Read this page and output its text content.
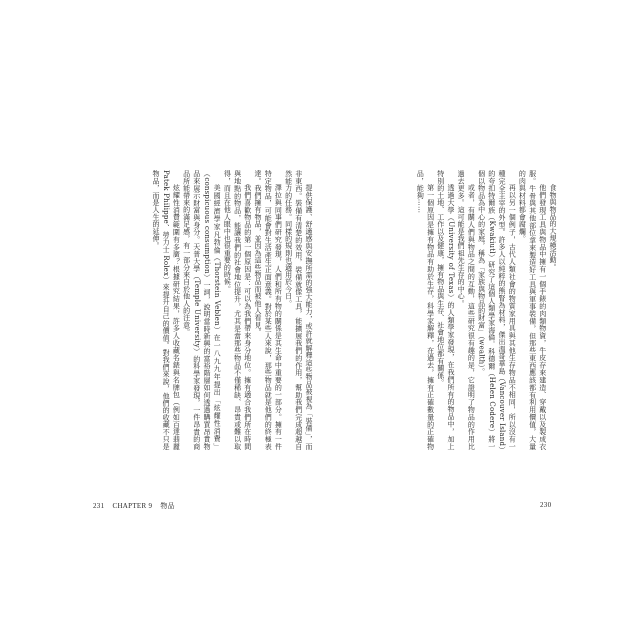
提供保護、舒適感與安撫所需的強大能力，或許就解釋這些物品被視為「裝備」，而非東西。裝備有清楚的效用，裝備就像工具，能擴展我們的作用，幫助我們完成超越自然能力的任務。同樣的規則也適用於今日。

澤拉與同事們研究發現，人們和所有物的關係是其生命中重要的一部分。擁有一件特定物品，可能會對生活產生正面意義。對於某些人來說，那些物品就是他們的終極表達。我們擁有物品，並因為這些物品而被他人看見。

我們喜歡物品的第一個原因是：可以為我們帶來身分地位。擁有適合我們所在時間與地點的物品，能讓我們的社會地位提升，尤其是當那些物品不僅稀缺、昂貴或難以取得，而且在他人眼中也很重要的時候。

美國經濟學家凡勃倫（Thorstein Veblen）在一八九九年提出「炫耀性消費」（conspicuous consumption）一詞，說明當時新興的富裕階層如何透過購買昂貴物品來展示財富與身分。天普大學（Temple University）的科學家發現，一件昂貴的商品所能帶來的滿足感，有一部分來自於他人的注意。

炫耀性消費範圍有多廣？根據研究結果，許多人收藏名錶與名牌包（例如百達翡麗 Patek Philippe、勞力士 Rolex）來提升自己的價值。對我們來說，他們的收藏不只是物品，而是人生的延伸。	食物與物品的大規模活動。

他們發現工具與物品中擁有一個手錶的肉類物資，牛皮存來建造、穿戴以及製成衣服。牛骨與其他部位拿來製造好工具與軍事裝備，但那些東西應該都有利用價值，大量的肉與材料都會腐爛。

再以另一個例子，古代人類社會的物質家用具與其他生存物品不相同，所以沒有一種完全主宰的外型。許多人以純粹的熊腎為材料，傑出溫哥華島（Vancouver Island）的夸扣特爾族（Kwakiutl）研究了這個人類學家海倫．科德爾（Helen Codere）將一個以物品為中心的家庭，稱為「家族與物品的財富」（wealth）。

或者，有關人們與物品之間的互動，這些研究很有趣的是，它證明了物品的作用比過去更多。這可能是我們祖先生存的中心。

透過大學（University of Texas）的人類學家發現，在我們所有的物品中，加上特別的土地、工作以及健康，擁有物品與生存、社會地位都有關係。

第一個原因是擁有物品有助於生存，科學家解釋，在過去，擁有正確數量的正確物品，能夠……

231 CHAPTER 9 物品	230
